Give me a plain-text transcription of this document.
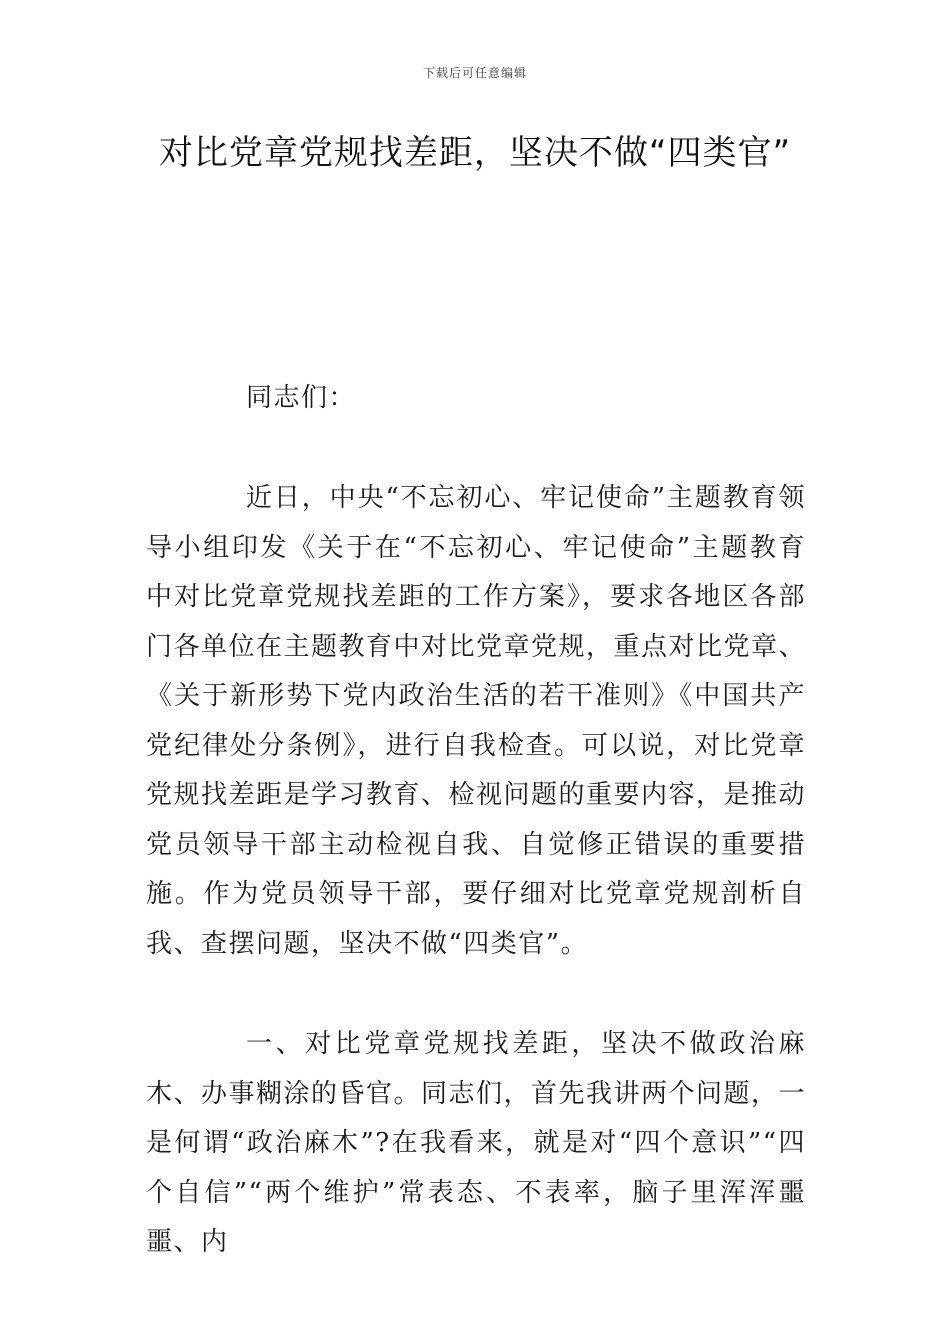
下载后可任意编辑
对比党章党规找差距，坚决不做“四类官”

同志们：

近日，中央“不忘初心、牢记使命”主题教育领导小组印发《关于在“不忘初心、牢记使命”主题教育中对比党章党规找差距的工作方案》，要求各地区各部门各单位在主题教育中对比党章党规，重点对比党章、《关于新形势下党内政治生活的若干准则》《中国共产党纪律处分条例》，进行自我检查。可以说，对比党章党规找差距是学习教育、检视问题的重要内容，是推动党员领导干部主动检视自我、自觉修正错误的重要措施。作为党员领导干部，要仔细对比党章党规剖析自我、查摆问题，坚决不做“四类官”。

一、对比党章党规找差距，坚决不做政治麻木、办事糊涂的昏官。同志们，首先我讲两个问题，一是何谓“政治麻木”?在我看来，就是对“四个意识”“四个自信”“两个维护”常表态、不表率，脑子里浑浑噩噩、内
